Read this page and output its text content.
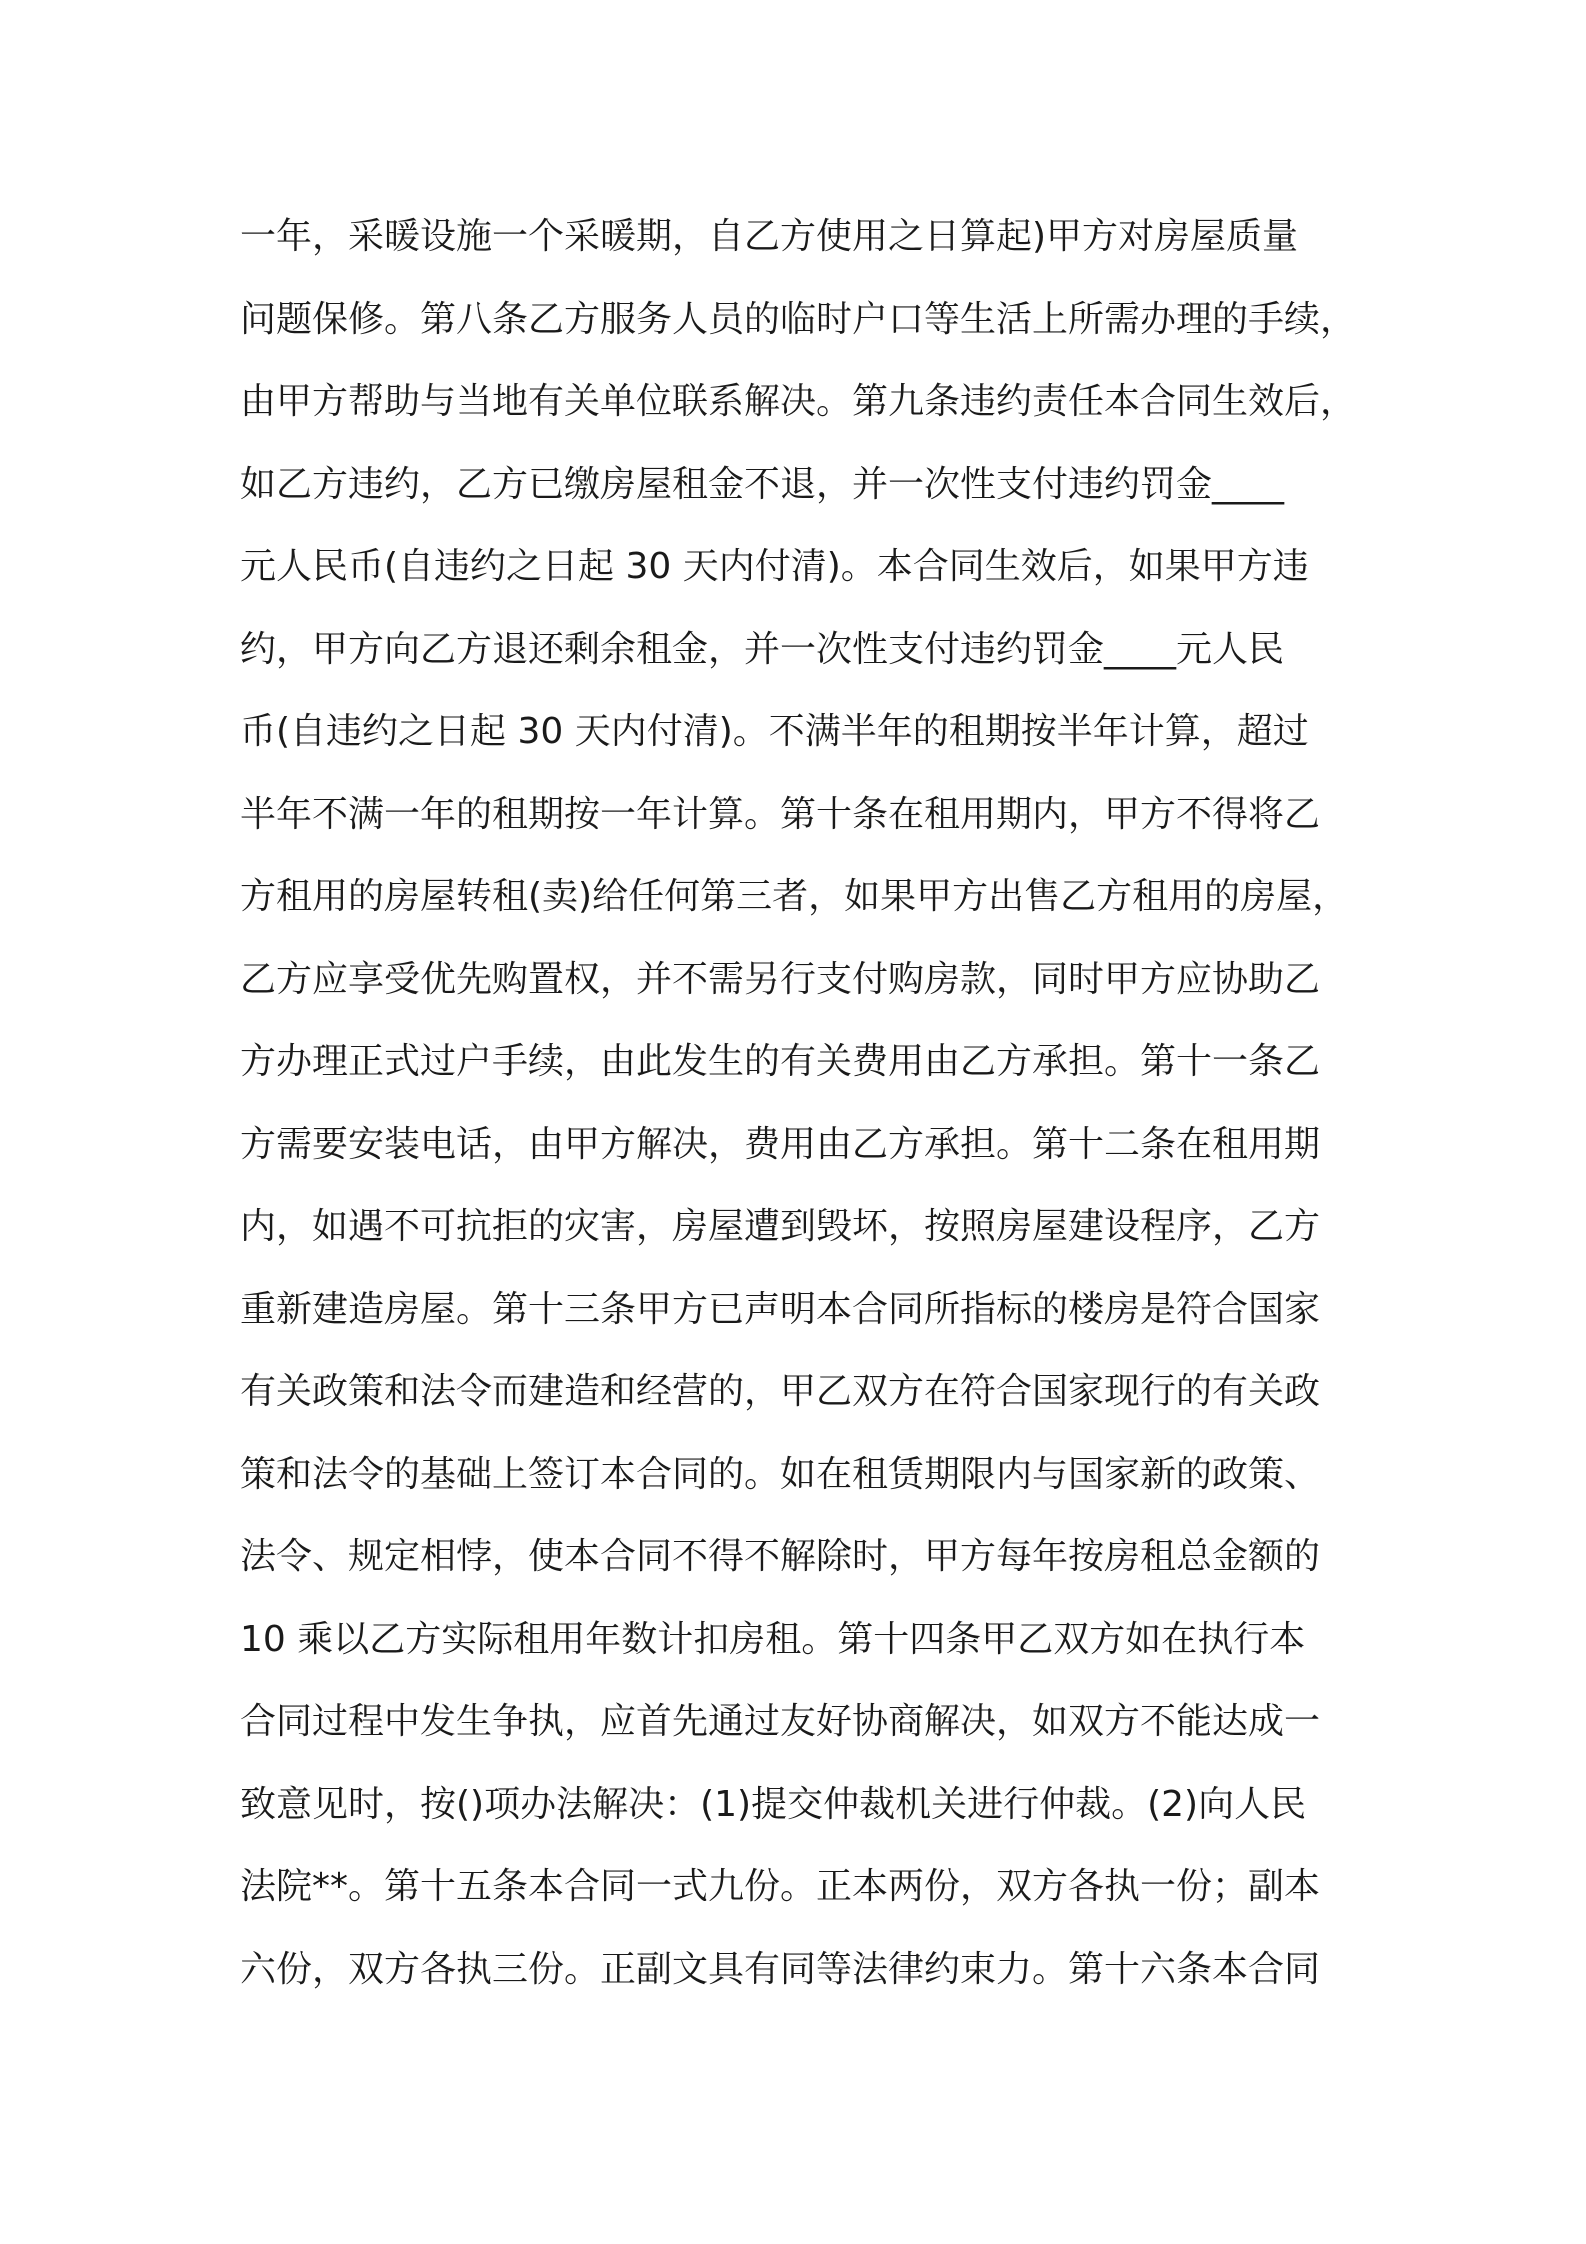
一年，采暖设施一个采暖期，自乙方使用之日算起)甲方对房屋质量
问题保修。第八条乙方服务人员的临时户口等生活上所需办理的手续，
由甲方帮助与当地有关单位联系解决。第九条违约责任本合同生效后，
如乙方违约，乙方已缴房屋租金不退，并一次性支付违约罚金____
元人民币(自违约之日起 30 天内付清)。本合同生效后，如果甲方违
约，甲方向乙方退还剩余租金，并一次性支付违约罚金____元人民
币(自违约之日起 30 天内付清)。不满半年的租期按半年计算，超过
半年不满一年的租期按一年计算。第十条在租用期内，甲方不得将乙
方租用的房屋转租(卖)给任何第三者，如果甲方出售乙方租用的房屋，
乙方应享受优先购置权，并不需另行支付购房款，同时甲方应协助乙
方办理正式过户手续，由此发生的有关费用由乙方承担。第十一条乙
方需要安装电话，由甲方解决，费用由乙方承担。第十二条在租用期
内，如遇不可抗拒的灾害，房屋遭到毁坏，按照房屋建设程序，乙方
重新建造房屋。第十三条甲方已声明本合同所指标的楼房是符合国家
有关政策和法令而建造和经营的，甲乙双方在符合国家现行的有关政
策和法令的基础上签订本合同的。如在租赁期限内与国家新的政策、
法令、规定相悖，使本合同不得不解除时，甲方每年按房租总金额的
10 乘以乙方实际租用年数计扣房租。第十四条甲乙双方如在执行本
合同过程中发生争执，应首先通过友好协商解决，如双方不能达成一
致意见时，按()项办法解决：(1)提交仲裁机关进行仲裁。(2)向人民
法院**。第十五条本合同一式九份。正本两份，双方各执一份；副本
六份，双方各执三份。正副文具有同等法律约束力。第十六条本合同
